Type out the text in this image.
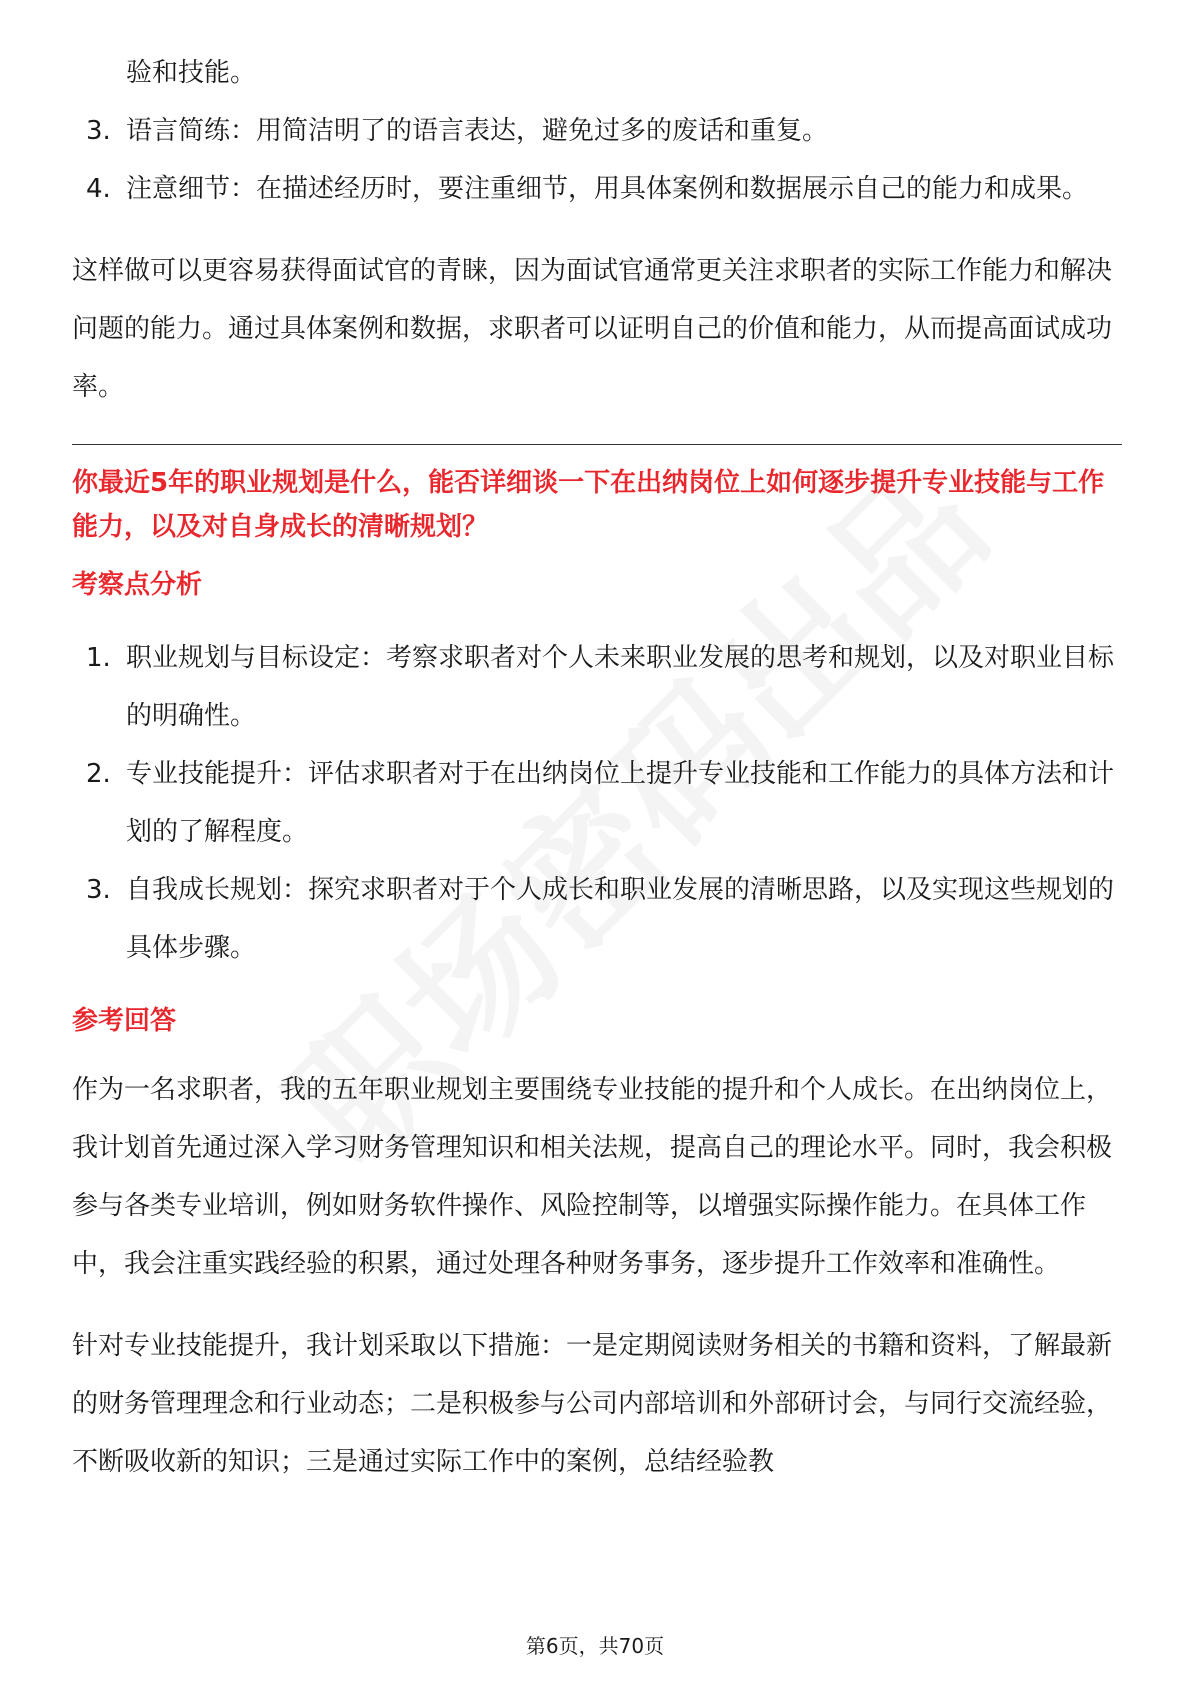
验和技能。

3. 语言简练：用简洁明了的语言表达，避免过多的废话和重复。
4. 注意细节：在描述经历时，要注重细节，用具体案例和数据展示自己的能力和成果。

这样做可以更容易获得面试官的青睐，因为面试官通常更关注求职者的实际工作能力和解决问题的能力。通过具体案例和数据，求职者可以证明自己的价值和能力，从而提高面试成功率。

你最近5年的职业规划是什么，能否详细谈一下在出纳岗位上如何逐步提升专业技能与工作能力，以及对自身成长的清晰规划？

考察点分析

1. 职业规划与目标设定：考察求职者对个人未来职业发展的思考和规划，以及对职业目标的明确性。
2. 专业技能提升：评估求职者对于在出纳岗位上提升专业技能和工作能力的具体方法和计划的了解程度。
3. 自我成长规划：探究求职者对于个人成长和职业发展的清晰思路，以及实现这些规划的具体步骤。

参考回答

作为一名求职者，我的五年职业规划主要围绕专业技能的提升和个人成长。在出纳岗位上，我计划首先通过深入学习财务管理知识和相关法规，提高自己的理论水平。同时，我会积极参与各类专业培训，例如财务软件操作、风险控制等，以增强实际操作能力。在具体工作中，我会注重实践经验的积累，通过处理各种财务事务，逐步提升工作效率和准确性。

针对专业技能提升，我计划采取以下措施：一是定期阅读财务相关的书籍和资料，了解最新的财务管理理念和行业动态；二是积极参与公司内部培训和外部研讨会，与同行交流经验，不断吸收新的知识；三是通过实际工作中的案例，总结经验教

第6页，共70页
